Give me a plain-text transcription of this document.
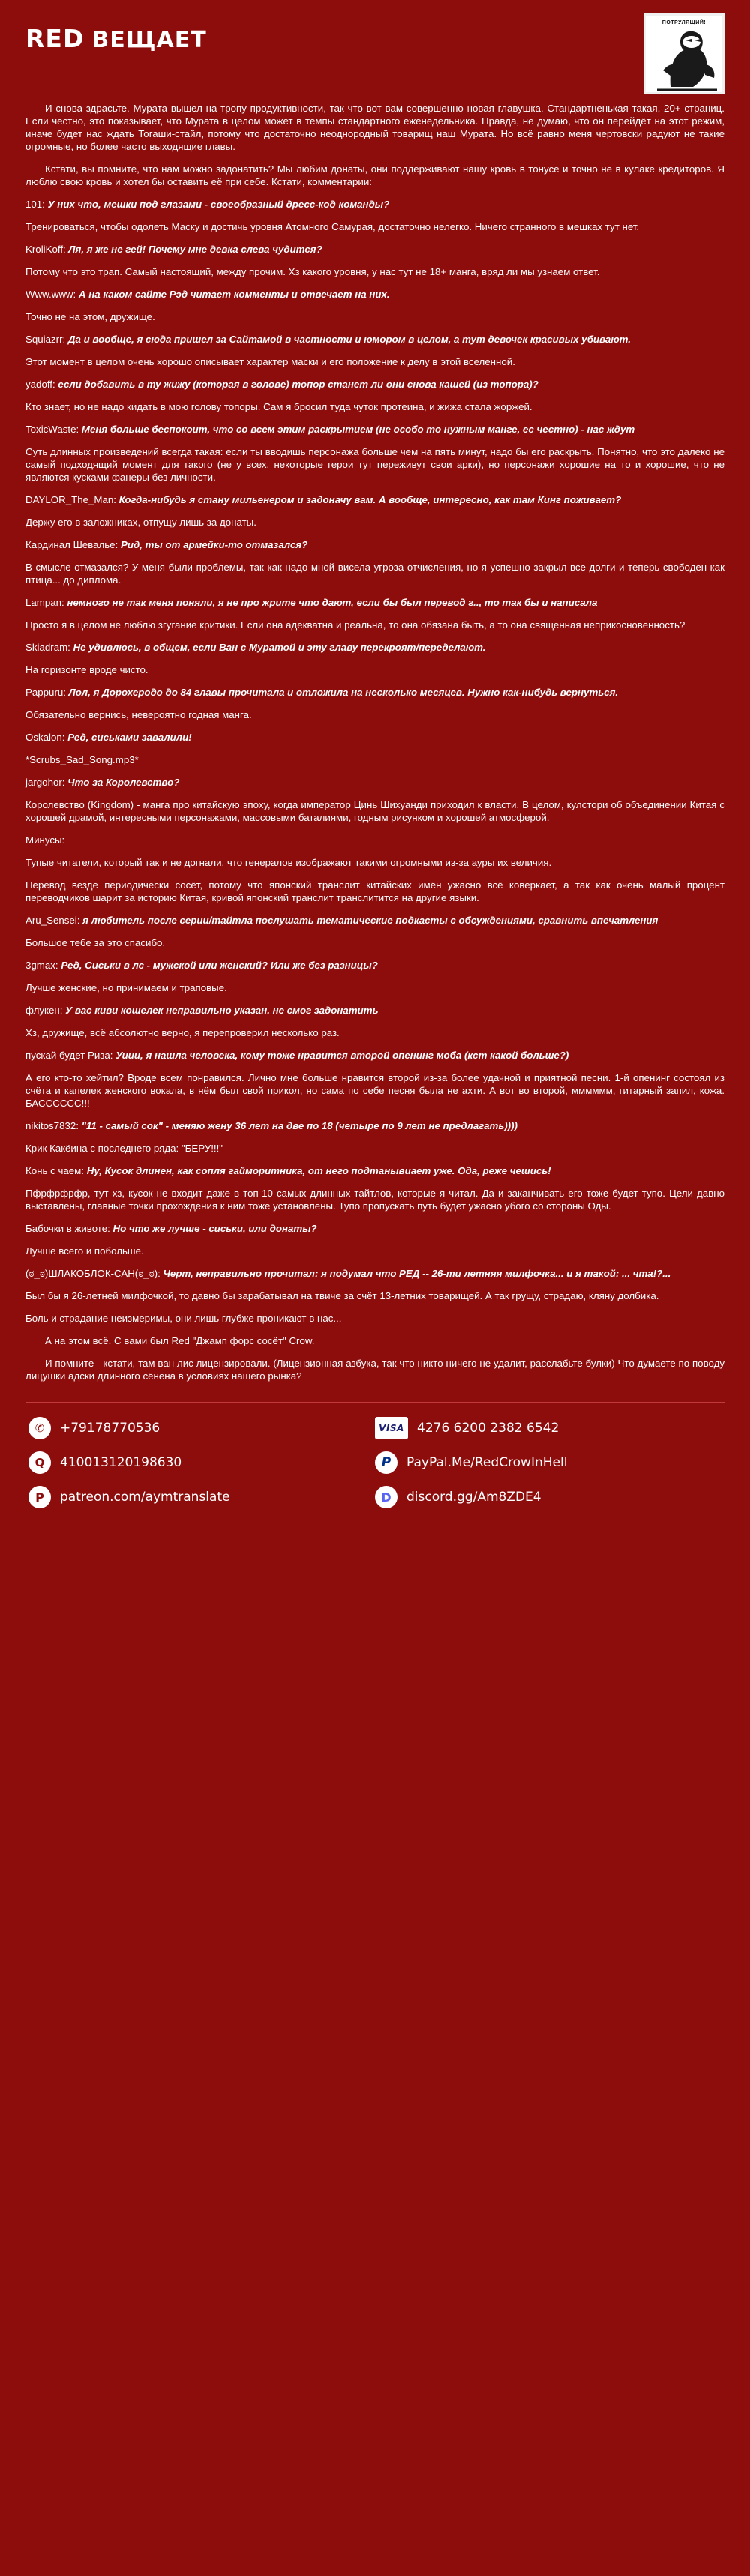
RED ВЕЩАЕТ
ПОТРУЛЯЩИЙ!

И снова здрасьте. Мурата вышел на тропу продуктивности, так что вот вам совершенно новая главушка. Стандартненькая такая, 20+ страниц. Если честно, это показывает, что Мурата в целом может в темпы стандартного еженедельника. Правда, не думаю, что он перейдёт на этот режим, иначе будет нас ждать Тогаши-стайл, потому что достаточно неоднородный товарищ наш Мурата. Но всё равно меня чертовски радуют не такие огромные, но более часто выходящие главы.

Кстати, вы помните, что нам можно задонатить? Мы любим донаты, они поддерживают нашу кровь в тонусе и точно не в кулаке кредиторов. Я люблю свою кровь и хотел бы оставить её при себе. Кстати, комментарии:

101: У них что, мешки под глазами - своеобразный дресс-код команды?

Тренироваться, чтобы одолеть Маску и достичь уровня Атомного Самурая, достаточно нелегко. Ничего странного в мешках тут нет.

KroliKoff: Ля, я же не гей! Почему мне девка слева чудится?

Потому что это трап. Самый настоящий, между прочим. Хз какого уровня, у нас тут не 18+ манга, вряд ли мы узнаем ответ.

Www.www: А на каком сайте Рэд читает комменты и отвечает на них.

Точно не на этом, дружище.

Squiazrr: Да и вообще, я сюда пришел за Сайтамой в частности и юмором в целом, а тут девочек красивых убивают.

Этот момент в целом очень хорошо описывает характер маски и его положение к делу в этой вселенной.

yadoff: если добавить в ту жижу (которая в голове) топор станет ли они снова кашей (из топора)?

Кто знает, но не надо кидать в мою голову топоры. Сам я бросил туда чуток протеина, и жижа стала жоржей.

ToxicWaste: Меня больше беспокоит, что со всем этим раскрытием (не особо то нужным манге, ес честно) - нас ждут

Суть длинных произведений всегда такая: если ты вводишь персонажа больше чем на пять минут, надо бы его раскрыть. Понятно, что это далеко не самый подходящий момент для такого (не у всех, некоторые герои тут переживут свои арки), но персонажи хорошие на то и хорошие, что не являются кусками фанеры без личности.

DAYLOR_The_Man: Когда-нибудь я стану мильенером и задоначу вам. А вообще, интересно, как там Кинг поживает?

Держу его в заложниках, отпущу лишь за донаты.

Кардинал Шевалье: Рид, ты от армейки-то отмазался?

В смысле отмазался? У меня были проблемы, так как надо мной висела угроза отчисления, но я успешно закрыл все долги и теперь свободен как птица... до диплома.

Lampan: немного не так меня поняли, я не про жрите что дают, если бы был перевод г.., то так бы и написала

Просто я в целом не люблю згугание критики. Если она адекватна и реальна, то она обязана быть, а то она священная неприкосновенность?

Skiadram: Не удивлюсь, в общем, если Ван с Муратой и эту главу перекроят/переделают.

На горизонте вроде чисто.

Pappuru: Лол, я Дорохеродо до 84 главы прочитала и отложила на несколько месяцев. Нужно как-нибудь вернуться.

Обязательно вернись, невероятно годная манга.

Oskalon: Ред, сиськами завалили!

*Scrubs_Sad_Song.mp3*

jargohor: Что за Королевство?

Королевство (Kingdom) - манга про китайскую эпоху, когда император Цинь Шихуанди приходил к власти. В целом, кулстори об объединении Китая с хорошей драмой, интересными персонажами, массовыми баталиями, годным рисунком и хорошей атмосферой.

Минусы:

Тупые читатели, который так и не догнали, что генералов изображают такими огромными из-за ауры их величия.

Перевод везде периодически сосёт, потому что японский транслит китайских имён ужасно всё коверкает, а так как очень малый процент переводчиков шарит за историю Китая, кривой японский транслит транслитится на другие языки.

Aru_Sensei: я любитель после серии/тайтла послушать тематические подкасты с обсуждениями, сравнить впечатления

Большое тебе за это спасибо.

3gmax: Ред, Сиськи в лс - мужской или женский? Или же без разницы?

Лучше женские, но принимаем и траповые.

флукен: У вас киви кошелек неправильно указан. не смог задонатить

Хз, дружище, всё абсолютно верно, я перепроверил несколько раз.

пускай будет Риза: Уиии, я нашла человека, кому тоже нравится второй опенинг моба (кст какой больше?)

А его кто-то хейтил? Вроде всем понравился. Лично мне больше нравится второй из-за более удачной и приятной песни. 1-й опенинг состоял из счёта и капелек женского вокала, в нём был свой прикол, но сама по себе песня была не ахти. А вот во второй, мммммм, гитарный запил, кожа. БАСССССС!!!

nikitos7832: "11 - самый сок" - меняю жену 36 лет на две по 18 (четыре по 9 лет не предлагать))))

Крик Какёина с последнего ряда: "БЕРУ!!!"

Конь с чаем: Ну, Кусок длинен, как сопля гайморитника, от него подтанывиает уже. Ода, реже чешись!

Пфрфрфрфр, тут хз, кусок не входит даже в топ-10 самых длинных тайтлов, которые я читал. Да и заканчивать его тоже будет тупо. Цели давно выставлены, главные точки прохождения к ним тоже установлены. Тупо пропускать путь будет ужасно убого со стороны Оды.

Бабочки в животе: Но что же лучше - сиськи, или донаты?

Лучше всего и побольше.

(ಠ_ಠ)ШЛАКОБЛОК-САН(ಠ_ಠ): Черт, неправильно прочитал: я подумал что РЕД -- 26-ти летняя милфочка... и я такой: ... чта!?...

Был бы я 26-летней милфочкой, то давно бы зарабатывал на твиче за счёт 13-летних товарищей. А так грущу, страдаю, кляну долбика.

Боль и страдание неизмеримы, они лишь глубже проникают в нас...

А на этом всё. С вами был Red "Джамп форс сосёт" Crow.

И помните - кстати, там ван лис лицензировали. (Лицензионная азбука, так что никто ничего не удалит, расслабьте булки) Что думаете по поводу лицушки адски длинного сёнена в условиях нашего рынка?

✆	+79178770536	VISA	4276 6200 2382 6542
Q	410013120198630	P	PayPal.Me/RedCrowInHell
P	patreon.com/aymtranslate	D	discord.gg/Am8ZDE4
